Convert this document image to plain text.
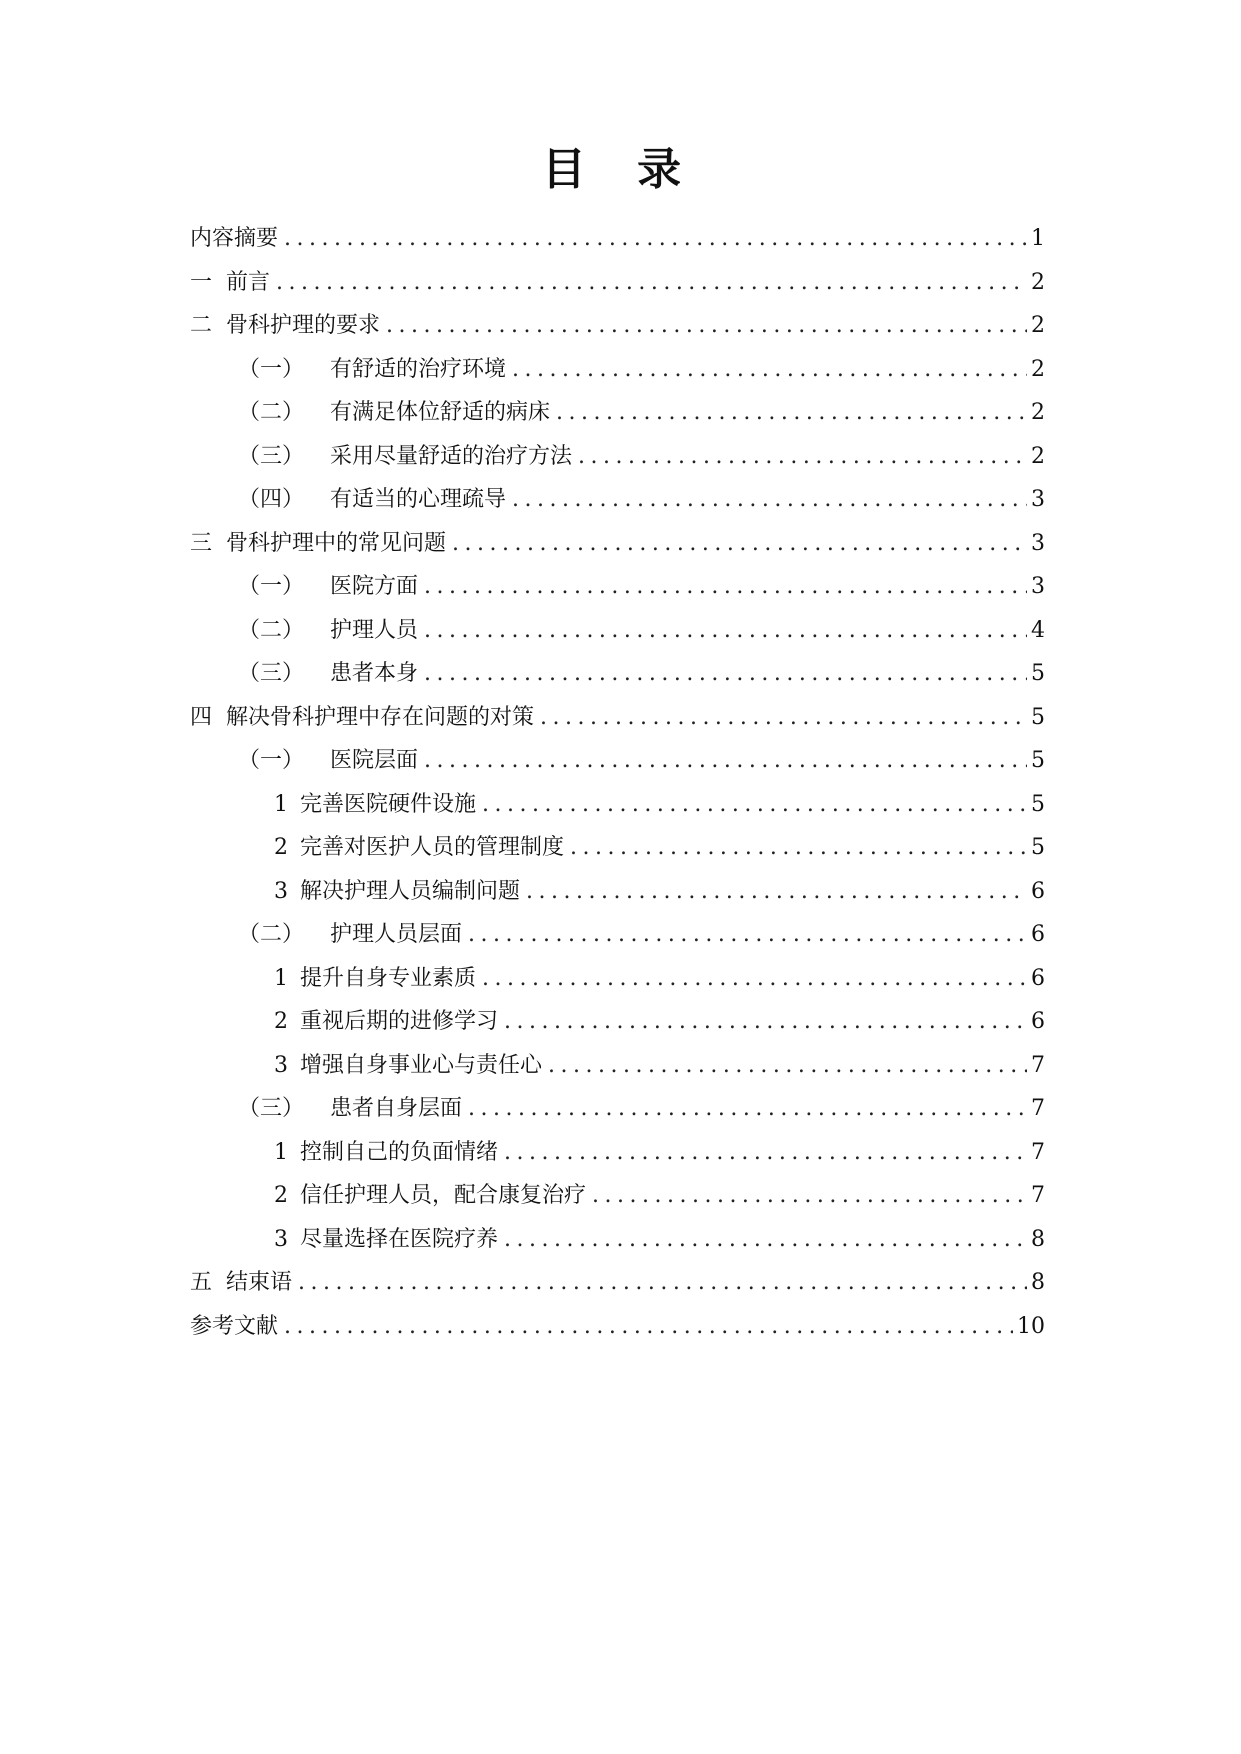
目 录
内容摘要 .....	1
一 前言 .....	2
二 骨科护理的要求 .....	2
（一） 有舒适的治疗环境 .....	2
（二） 有满足体位舒适的病床 .....	2
（三） 采用尽量舒适的治疗方法 .....	2
（四） 有适当的心理疏导 .....	3
三 骨科护理中的常见问题 .....	3
（一） 医院方面 .....	3
（二） 护理人员 .....	4
（三） 患者本身 .....	5
四 解决骨科护理中存在问题的对策 .....	5
（一） 医院层面 .....	5
1 完善医院硬件设施 .....	5
2 完善对医护人员的管理制度 .....	5
3 解决护理人员编制问题 .....	6
（二） 护理人员层面 .....	6
1 提升自身专业素质 .....	6
2 重视后期的进修学习 .....	6
3 增强自身事业心与责任心 .....	7
（三） 患者自身层面 .....	7
1 控制自己的负面情绪 .....	7
2 信任护理人员，配合康复治疗 .....	7
3 尽量选择在医院疗养 .....	8
五 结束语 .....	8
参考文献 .....	10
